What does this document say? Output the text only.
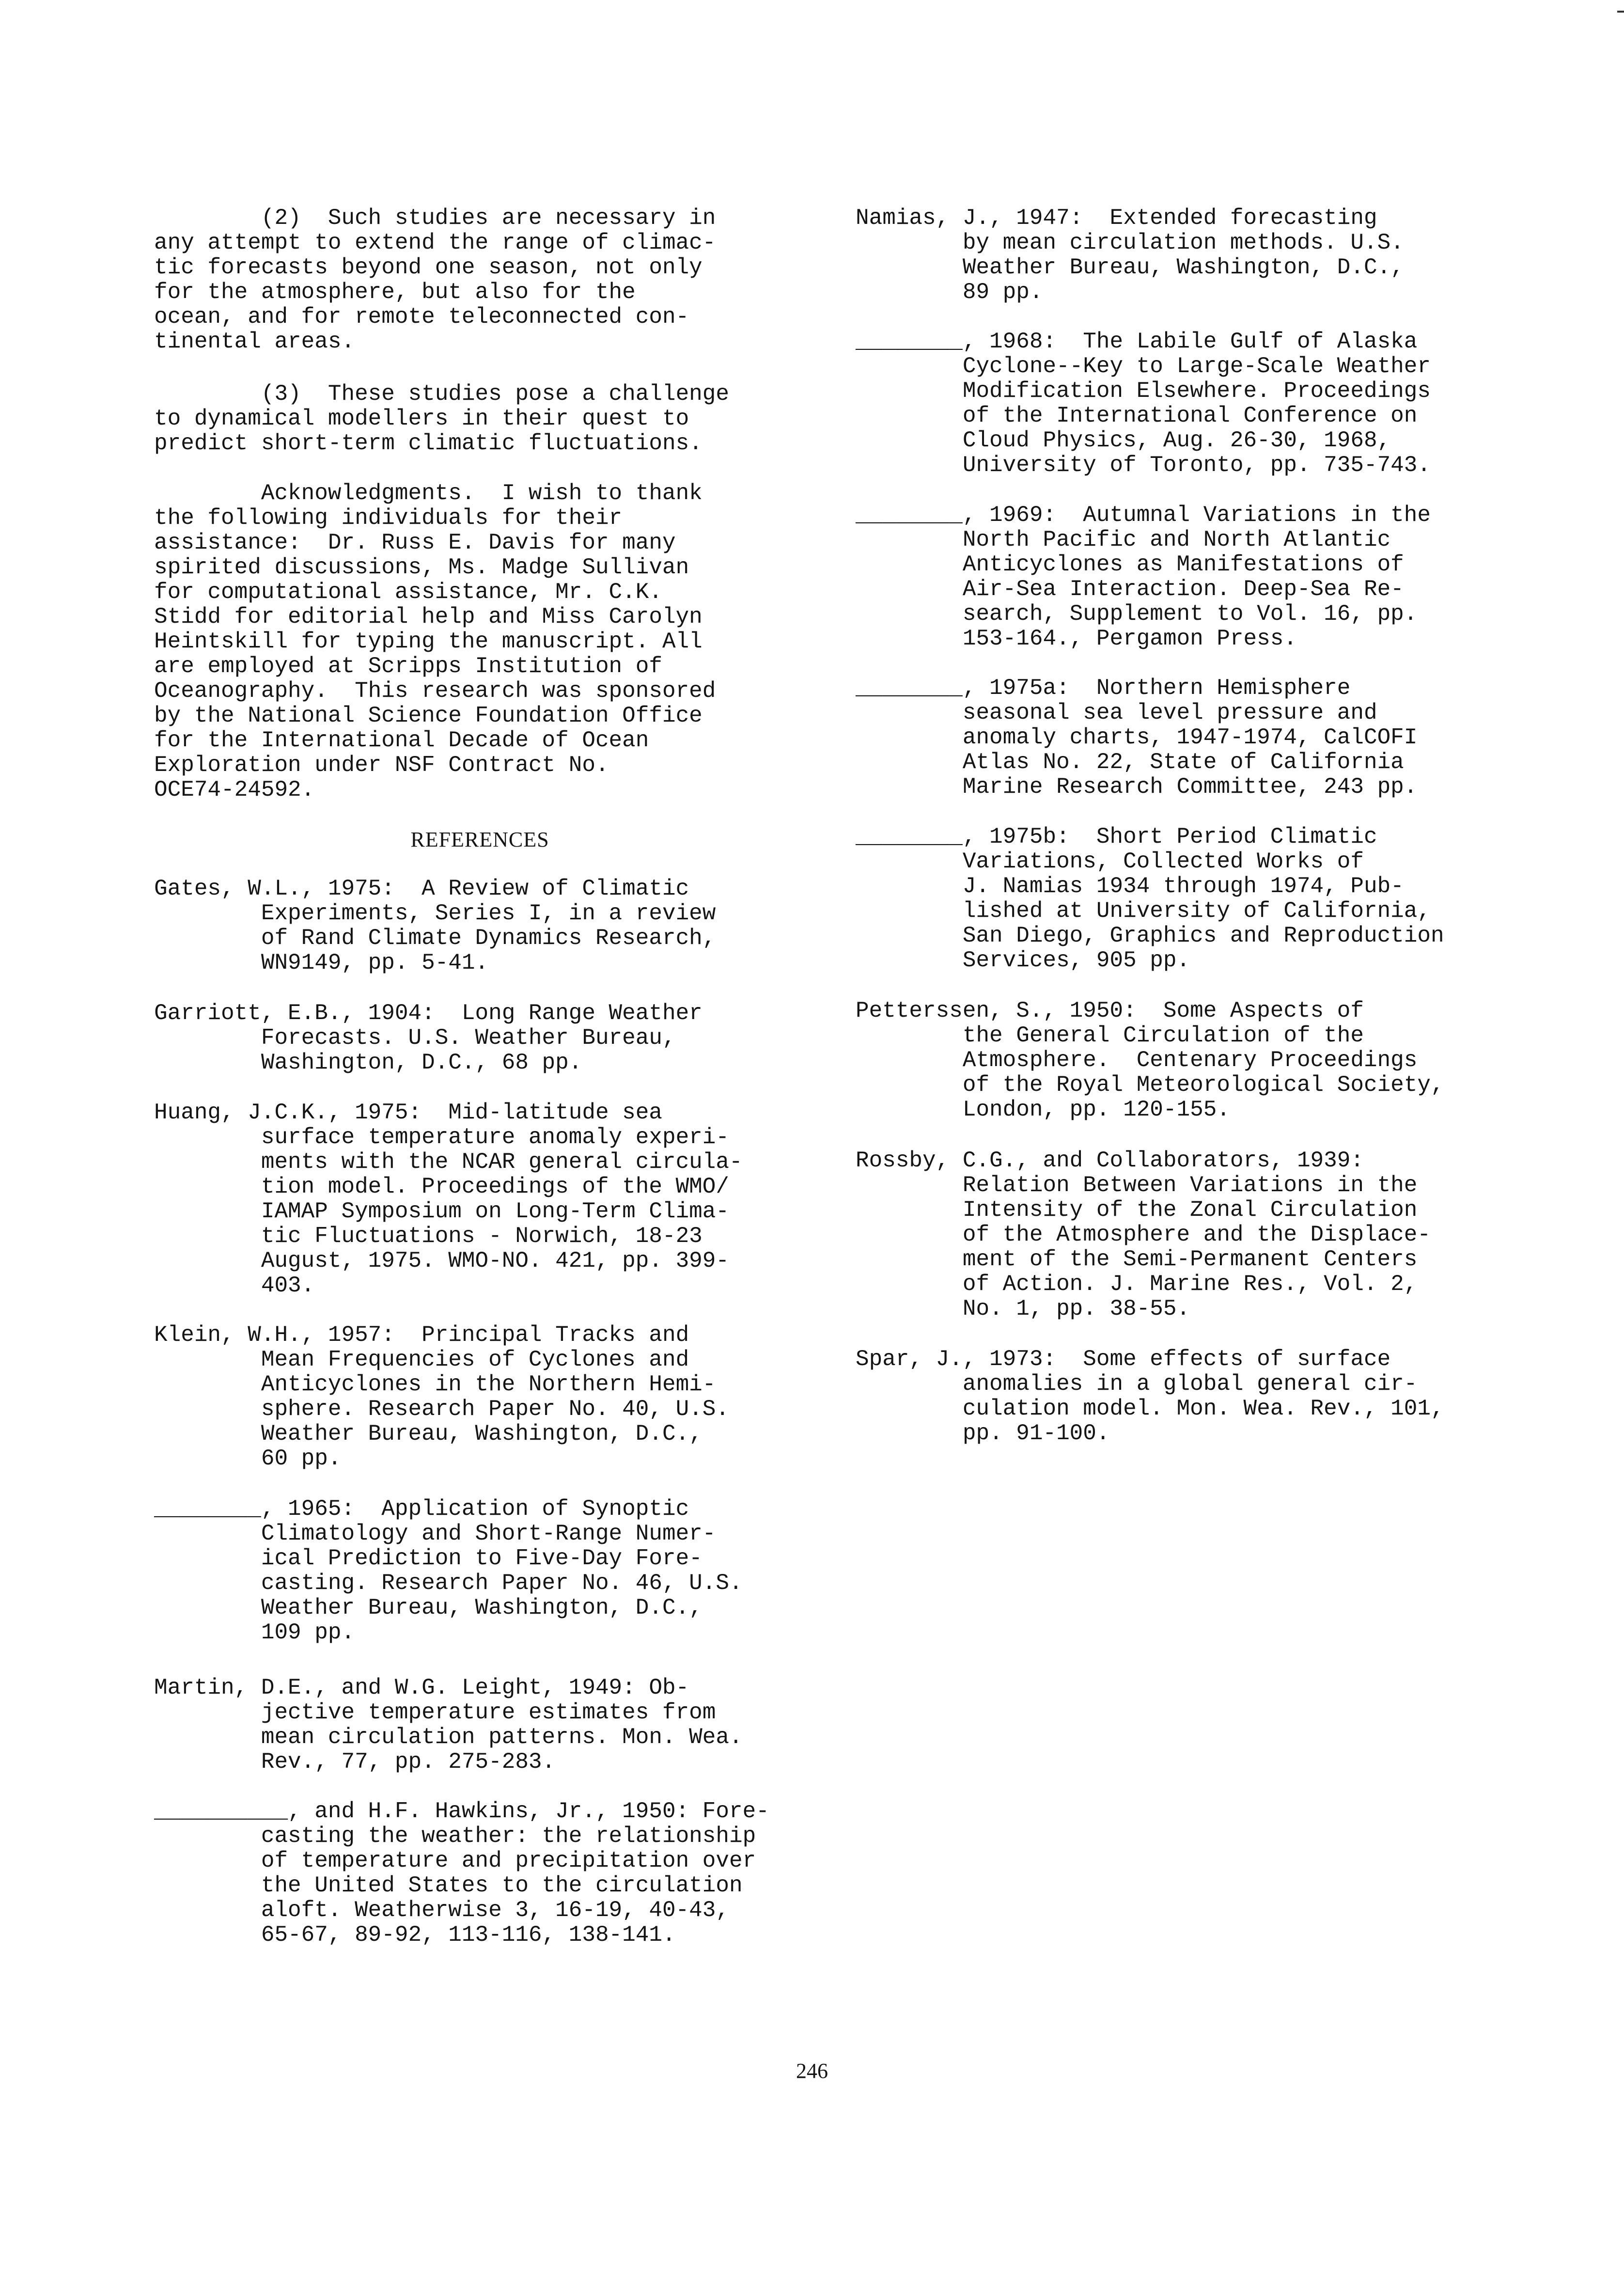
(2)  Such studies are necessary in
any attempt to extend the range of climac-
tic forecasts beyond one season, not only
for the atmosphere, but also for the
ocean, and for remote teleconnected con-
tinental areas.

(3)  These studies pose a challenge
to dynamical modellers in their quest to
predict short-term climatic fluctuations.

Acknowledgments.  I wish to thank
the following individuals for their
assistance:  Dr. Russ E. Davis for many
spirited discussions, Ms. Madge Sullivan
for computational assistance, Mr. C.K.
Stidd for editorial help and Miss Carolyn
Heintskill for typing the manuscript. All
are employed at Scripps Institution of
Oceanography.  This research was sponsored
by the National Science Foundation Office
for the International Decade of Ocean
Exploration under NSF Contract No.
OCE74-24592.

REFERENCES

Gates, W.L., 1975:  A Review of Climatic
Experiments, Series I, in a review
of Rand Climate Dynamics Research,
WN9149, pp. 5-41.

Garriott, E.B., 1904:  Long Range Weather
Forecasts. U.S. Weather Bureau,
Washington, D.C., 68 pp.

Huang, J.C.K., 1975:  Mid-latitude sea
surface temperature anomaly experi-
ments with the NCAR general circula-
tion model. Proceedings of the WMO/
IAMAP Symposium on Long-Term Clima-
tic Fluctuations - Norwich, 18-23
August, 1975. WMO-NO. 421, pp. 399-
403.

Klein, W.H., 1957:  Principal Tracks and
Mean Frequencies of Cyclones and
Anticyclones in the Northern Hemi-
sphere. Research Paper No. 40, U.S.
Weather Bureau, Washington, D.C.,
60 pp.

________, 1965:  Application of Synoptic
Climatology and Short-Range Numer-
ical Prediction to Five-Day Fore-
casting. Research Paper No. 46, U.S.
Weather Bureau, Washington, D.C.,
109 pp.

Martin, D.E., and W.G. Leight, 1949: Ob-
jective temperature estimates from
mean circulation patterns. Mon. Wea.
Rev., 77, pp. 275-283.

__________, and H.F. Hawkins, Jr., 1950: Fore-
casting the weather: the relationship
of temperature and precipitation over
the United States to the circulation
aloft. Weatherwise 3, 16-19, 40-43,
65-67, 89-92, 113-116, 138-141.

Namias, J., 1947:  Extended forecasting
by mean circulation methods. U.S.
Weather Bureau, Washington, D.C.,
89 pp.

________, 1968:  The Labile Gulf of Alaska
Cyclone--Key to Large-Scale Weather
Modification Elsewhere. Proceedings
of the International Conference on
Cloud Physics, Aug. 26-30, 1968,
University of Toronto, pp. 735-743.

________, 1969:  Autumnal Variations in the
North Pacific and North Atlantic
Anticyclones as Manifestations of
Air-Sea Interaction. Deep-Sea Re-
search, Supplement to Vol. 16, pp.
153-164., Pergamon Press.

________, 1975a:  Northern Hemisphere
seasonal sea level pressure and
anomaly charts, 1947-1974, CalCOFI
Atlas No. 22, State of California
Marine Research Committee, 243 pp.

________, 1975b:  Short Period Climatic
Variations, Collected Works of
J. Namias 1934 through 1974, Pub-
lished at University of California,
San Diego, Graphics and Reproduction
Services, 905 pp.

Petterssen, S., 1950:  Some Aspects of
the General Circulation of the
Atmosphere.  Centenary Proceedings
of the Royal Meteorological Society,
London, pp. 120-155.

Rossby, C.G., and Collaborators, 1939:
Relation Between Variations in the
Intensity of the Zonal Circulation
of the Atmosphere and the Displace-
ment of the Semi-Permanent Centers
of Action. J. Marine Res., Vol. 2,
No. 1, pp. 38-55.

Spar, J., 1973:  Some effects of surface
anomalies in a global general cir-
culation model. Mon. Wea. Rev., 101,
pp. 91-100.

246
